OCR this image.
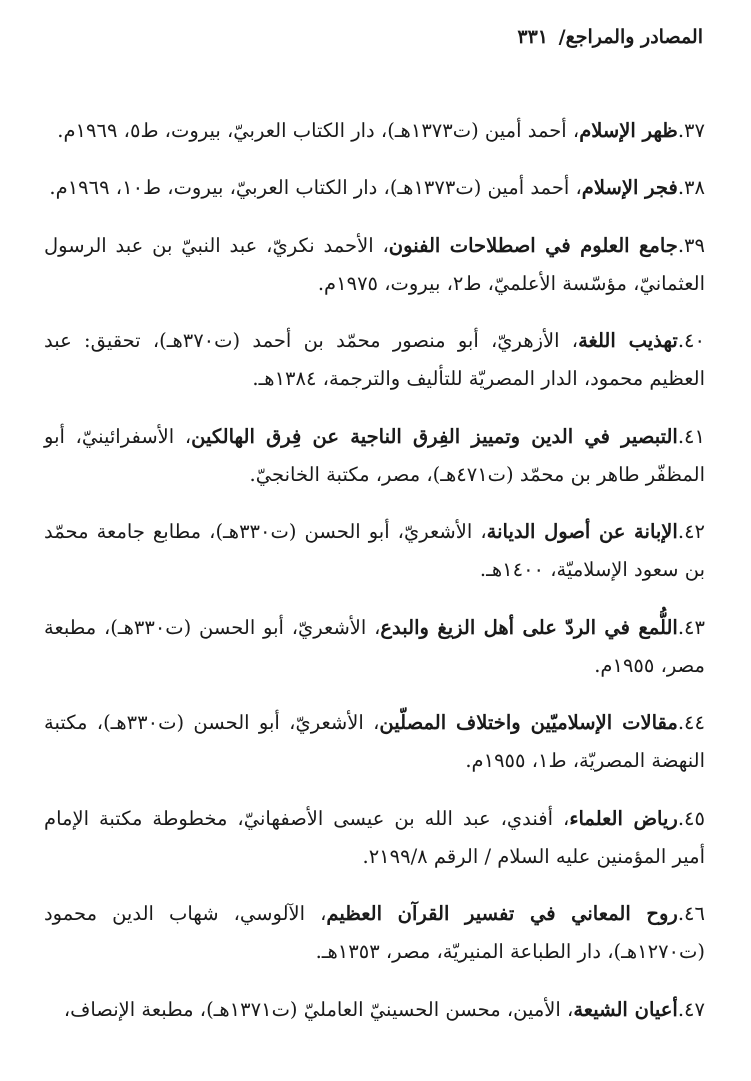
المصادر والمراجع/ ٣٣١

٣٧.ظهر الإسلام، أحمد أمين (ت١٣٧٣هـ)، دار الكتاب العربيّ، بيروت، ط٥، ١٩٦٩م.

٣٨.فجر الإسلام، أحمد أمين (ت١٣٧٣هـ)، دار الكتاب العربيّ، بيروت، ط١٠، ١٩٦٩م.

٣٩.جامع العلوم في اصطلاحات الفنون، الأحمد نكريّ، عبد النبيّ بن عبد الرسول العثمانيّ، مؤسّسة الأعلميّ، ط٢، بيروت، ١٩٧٥م.

٤٠.تهذيب اللغة، الأزهريّ، أبو منصور محمّد بن أحمد (ت٣٧٠هـ)، تحقيق: عبد العظيم محمود، الدار المصريّة للتأليف والترجمة، ١٣٨٤هـ.

٤١.التبصير في الدين وتمييز الفِرق الناجية عن فِرق الهالكين، الأسفرائينيّ، أبو المظفّر طاهر بن محمّد (ت٤٧١هـ)، مصر، مكتبة الخانجيّ.

٤٢.الإبانة عن أصول الديانة، الأشعريّ، أبو الحسن (ت٣٣٠هـ)، مطابع جامعة محمّد بن سعود الإسلاميّة، ١٤٠٠هـ.

٤٣.اللُّمع في الردّ على أهل الزيغ والبدع، الأشعريّ، أبو الحسن (ت٣٣٠هـ)، مطبعة مصر، ١٩٥٥م.

٤٤.مقالات الإسلاميّين واختلاف المصلّين، الأشعريّ، أبو الحسن (ت٣٣٠هـ)، مكتبة النهضة المصريّة، ط١، ١٩٥٥م.

٤٥.رياض العلماء، أفندي، عبد الله بن عيسى الأصفهانيّ، مخطوطة مكتبة الإمام أمير المؤمنين عليه السلام / الرقم ٢١٩٩/٨.

٤٦.روح المعاني في تفسير القرآن العظيم، الآلوسي، شهاب الدين محمود (ت١٢٧٠هـ)، دار الطباعة المنيريّة، مصر، ١٣٥٣هـ.

٤٧.أعيان الشيعة، الأمين، محسن الحسينيّ العامليّ (ت١٣٧١هـ)، مطبعة الإنصاف،
